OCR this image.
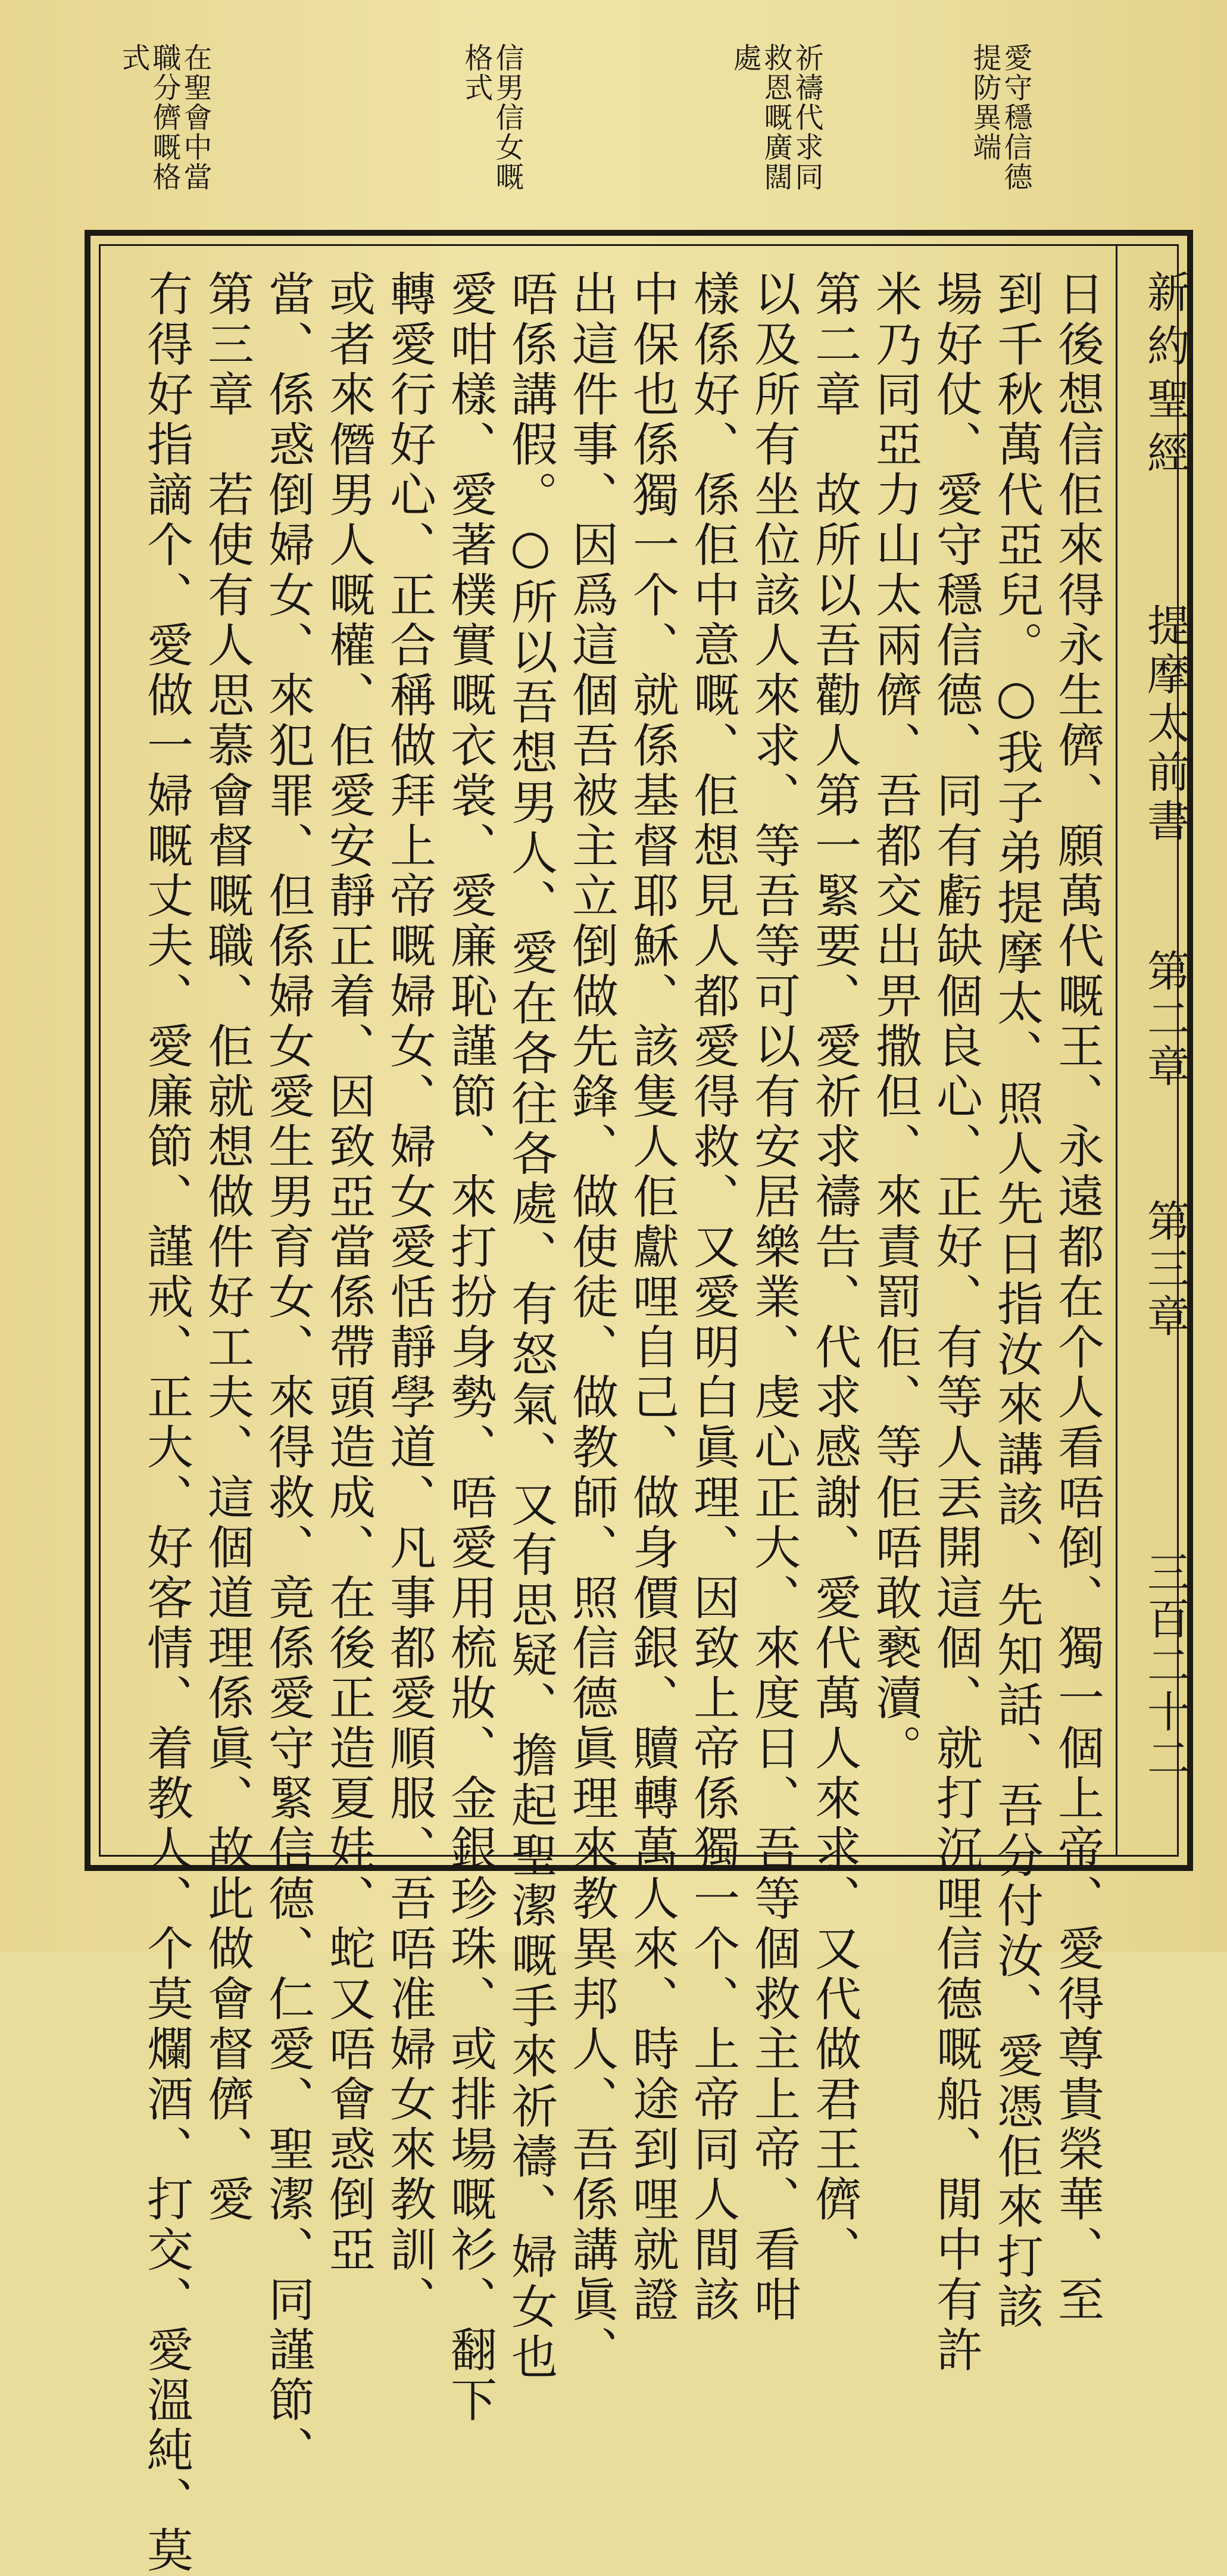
愛守穩信德
提防異端
祈禱代求同
救恩嘅廣闊
處
信男信女嘅
格式
在聖會中當
職分儕嘅格
式
新約聖經
提摩太前書
第二章
第三章
三百二十二
日後想信佢來得永生儕、願萬代嘅王、永遠都在个人看唔倒、獨一個上帝、愛得尊貴榮華、至
到千秋萬代亞兒。○我子弟提摩太、照人先日指汝來講該、先知話、吾分付汝、愛憑佢來打該
場好仗、愛守穩信德、同有虧缺個良心、正好、有等人丟開這個、就打沉哩信德嘅船、閒中有許
米乃同亞力山太兩儕、吾都交出畀撒但、來責罰佢、等佢唔敢褻瀆。
第二章　故所以吾勸人第一緊要、愛祈求禱告、代求感謝、愛代萬人來求、又代做君王儕、
以及所有坐位該人來求、等吾等可以有安居樂業、虔心正大、來度日、吾等個救主上帝、看咁
樣係好、係佢中意嘅、佢想見人都愛得救、又愛明白眞理、因致上帝係獨一个、上帝同人間該
中保也係獨一个、就係基督耶穌、該隻人佢獻哩自己、做身價銀、贖轉萬人來、時途到哩就證
出這件事、因爲這個吾被主立倒做先鋒、做使徒、做教師、照信德眞理來教異邦人、吾係講眞、
唔係講假。○所以吾想男人、愛在各往各處、有怒氣、又有思疑、擔起聖潔嘅手來祈禱、婦女也
愛咁樣、愛著樸實嘅衣裳、愛廉恥謹節、來打扮身勢、唔愛用梳妝、金銀珍珠、或排場嘅衫、翻下
轉愛行好心、正合稱做拜上帝嘅婦女、婦女愛恬靜學道、凡事都愛順服、吾唔准婦女來教訓、
或者來僭男人嘅權、佢愛安靜正着、因致亞當係帶頭造成、在後正造夏娃、蛇又唔會惑倒亞
當、係惑倒婦女、來犯罪、但係婦女愛生男育女、來得救、竟係愛守緊信德、仁愛、聖潔、同謹節、
第三章　若使有人思慕會督嘅職、佢就想做件好工夫、這個道理係眞、故此做會督儕、愛
冇得好指謫个、愛做一婦嘅丈夫、愛廉節、謹戒、正大、好客情、着教人、个莫爛酒、打交、愛溫純、莫
